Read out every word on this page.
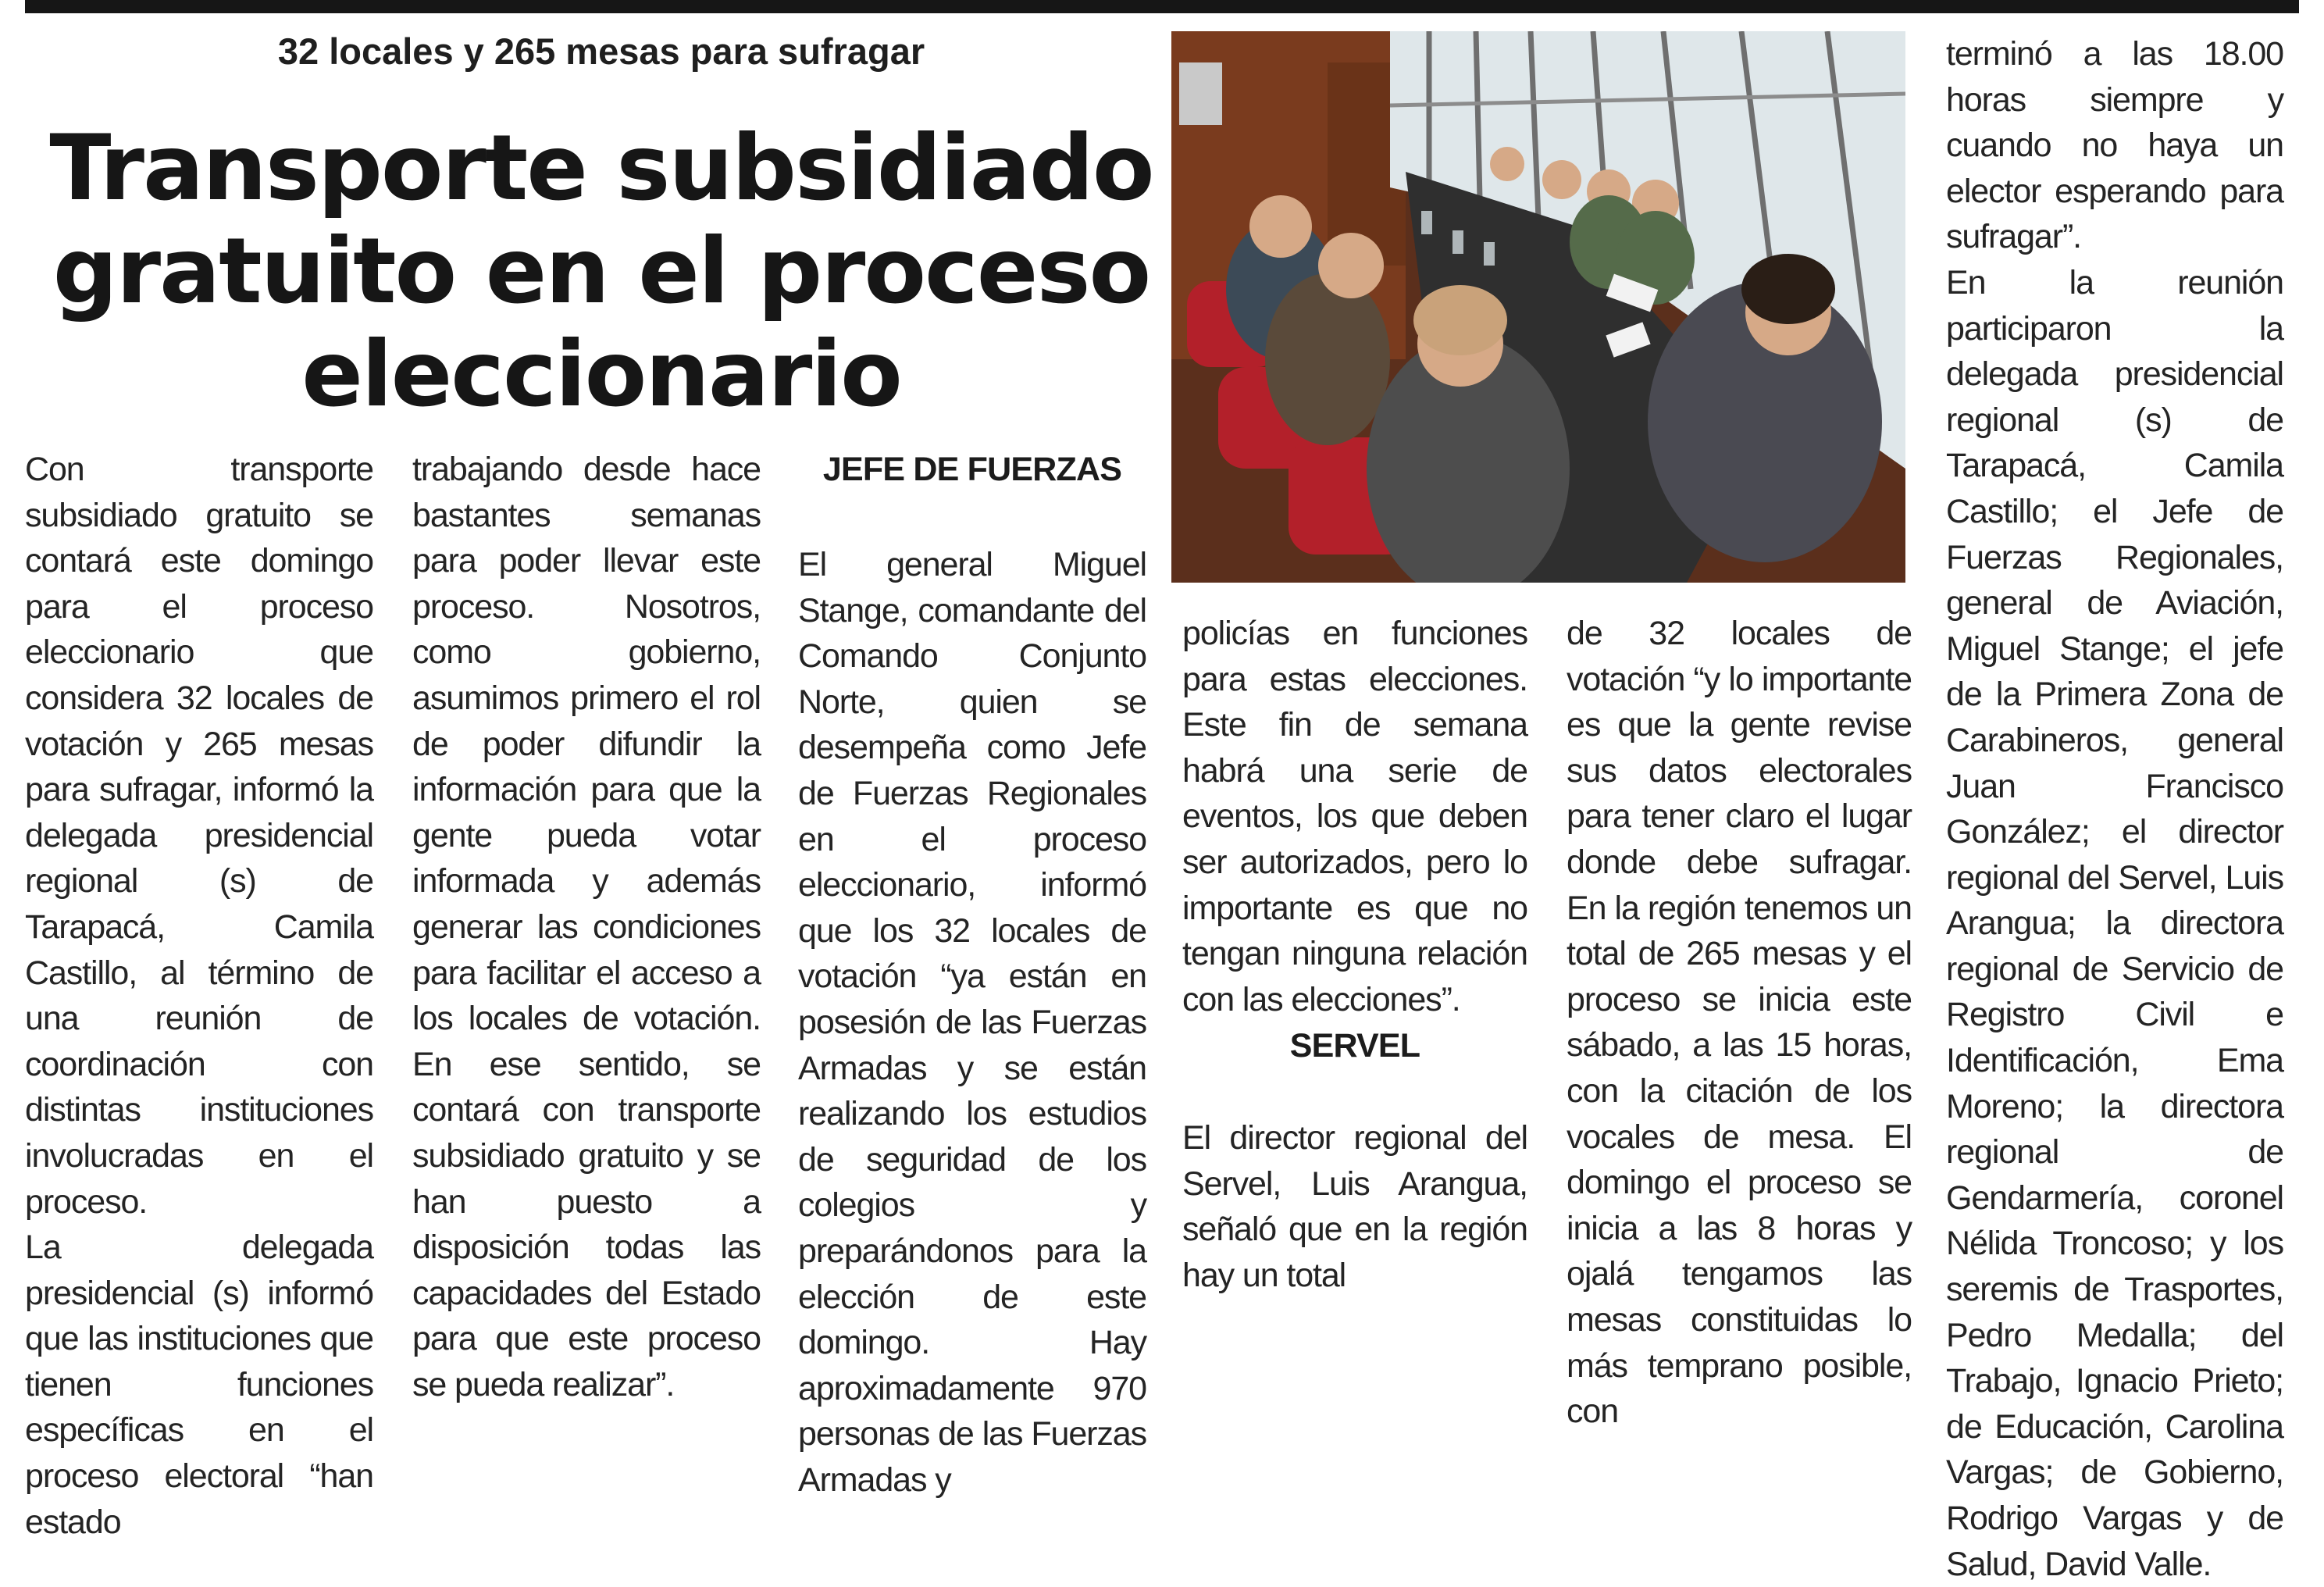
32 locales y 265 mesas para sufragar
Transporte subsidiado gratuito en el proceso eleccionario
Con transporte subsidiado gratuito se contará este domingo para el proceso eleccionario que considera 32 locales de votación y 265 mesas para sufragar, informó la delegada presidencial regional (s) de Tarapacá, Camila Castillo, al término de una reunión de coordinación con distintas instituciones involucradas en el proceso.
La delegada presidencial (s) informó que las instituciones que tienen funciones específicas en el proceso electoral “han estado
trabajando desde hace bastantes semanas para poder llevar este proceso. Nosotros, como gobierno, asumimos primero el rol de poder difundir la información para que la gente pueda votar informada y además generar las condiciones para facilitar el acceso a los locales de votación. En ese sentido, se contará con transporte subsidiado gratuito y se han puesto a disposición todas las capacidades del Estado para que este proceso se pueda realizar”.
JEFE DE FUERZAS
El general Miguel Stange, comandante del Comando Conjunto Norte, quien se desempeña como Jefe de Fuerzas Regionales en el proceso eleccionario, informó que los 32 locales de votación “ya están en posesión de las Fuerzas Armadas y se están realizando los estudios de seguridad de los colegios y preparándonos para la elección de este domingo. Hay aproximadamente 970 personas de las Fuerzas Armadas y
policías en funciones para estas elecciones. Este fin de semana habrá una serie de eventos, los que deben ser autorizados, pero lo importante es que no tengan ninguna relación con las elecciones”.
SERVEL
El director regional del Servel, Luis Arangua, señaló que en la región hay un total
de 32 locales de votación “y lo importante es que la gente revise sus datos electorales para tener claro el lugar donde debe sufragar. En la región tenemos un total de 265 mesas y el proceso se inicia este sábado, a las 15 horas, con la citación de los vocales de mesa. El domingo el proceso se inicia a las 8 horas y ojalá tengamos las mesas constituidas lo más temprano posible, con
terminó a las 18.00 horas siempre y cuando no haya un elector esperando para sufragar”.
En la reunión participaron la delegada presidencial regional (s) de Tarapacá, Camila Castillo; el Jefe de Fuerzas Regionales, general de Aviación, Miguel Stange; el jefe de la Primera Zona de Carabineros, general Juan Francisco González; el director regional del Servel, Luis Arangua; la directora regional de Servicio de Registro Civil e Identificación, Ema Moreno; la directora regional de Gendarmería, coronel Nélida Troncoso; y los seremis de Trasportes, Pedro Medalla; del Trabajo, Ignacio Prieto; de Educación, Carolina Vargas; de Gobierno, Rodrigo Vargas y de Salud, David Valle.
